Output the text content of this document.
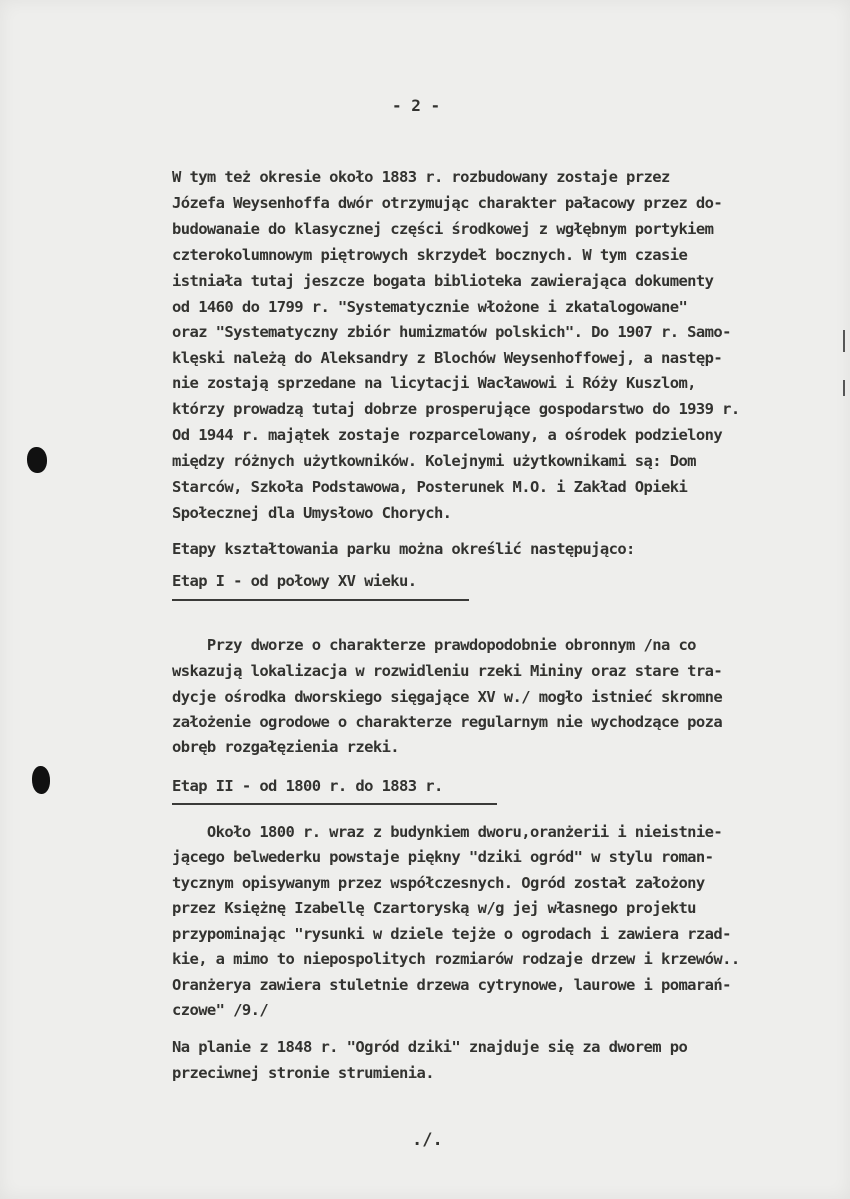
- 2 -
W tym też okresie około 1883 r. rozbudowany zostaje przez
Józefa Weysenhoffa dwór otrzymując charakter pałacowy przez do-
budowanaie do klasycznej części środkowej z wgłębnym portykiem
czterokolumnowym piętrowych skrzydeł bocznych. W tym czasie
istniała tutaj jeszcze bogata biblioteka zawierająca dokumenty
od 1460 do 1799 r. "Systematycznie włożone i zkatalogowane"
oraz "Systematyczny zbiór humizmatów polskich". Do 1907 r. Samo-
klęski należą do Aleksandry z Blochów Weysenhoffowej, a następ-
nie zostają sprzedane na licytacji Wacławowi i Róży Kuszlom,
którzy prowadzą tutaj dobrze prosperujące gospodarstwo do 1939 r.
Od 1944 r. majątek zostaje rozparcelowany, a ośrodek podzielony
między różnych użytkowników. Kolejnymi użytkownikami są: Dom
Starców, Szkoła Podstawowa, Posterunek M.O. i Zakład Opieki
Społecznej dla Umysłowo Chorych.
Etapy kształtowania parku można określić następująco:
Etap I - od połowy XV wieku.
Przy dworze o charakterze prawdopodobnie obronnym /na co
wskazują lokalizacja w rozwidleniu rzeki Mininy oraz stare tra-
dycje ośrodka dworskiego sięgające XV w./ mogło istnieć skromne
założenie ogrodowe o charakterze regularnym nie wychodzące poza
obręb rozgałęzienia rzeki.
Etap II - od 1800 r. do 1883 r.
Około 1800 r. wraz z budynkiem dworu,oranżerii i nieistnie-
jącego belwederku powstaje piękny "dziki ogród" w stylu roman-
tycznym opisywanym przez współczesnych. Ogród został założony
przez Księżnę Izabellę Czartoryską w/g jej własnego projektu
przypominając "rysunki w dziele tejże o ogrodach i zawiera rzad-
kie, a mimo to niepospolitych rozmiarów rodzaje drzew i krzewów..
Oranżerya zawiera stuletnie drzewa cytrynowe, laurowe i pomarań-
czowe" /9./
Na planie z 1848 r. "Ogród dziki" znajduje się za dworem po
przeciwnej stronie strumienia.
./.
